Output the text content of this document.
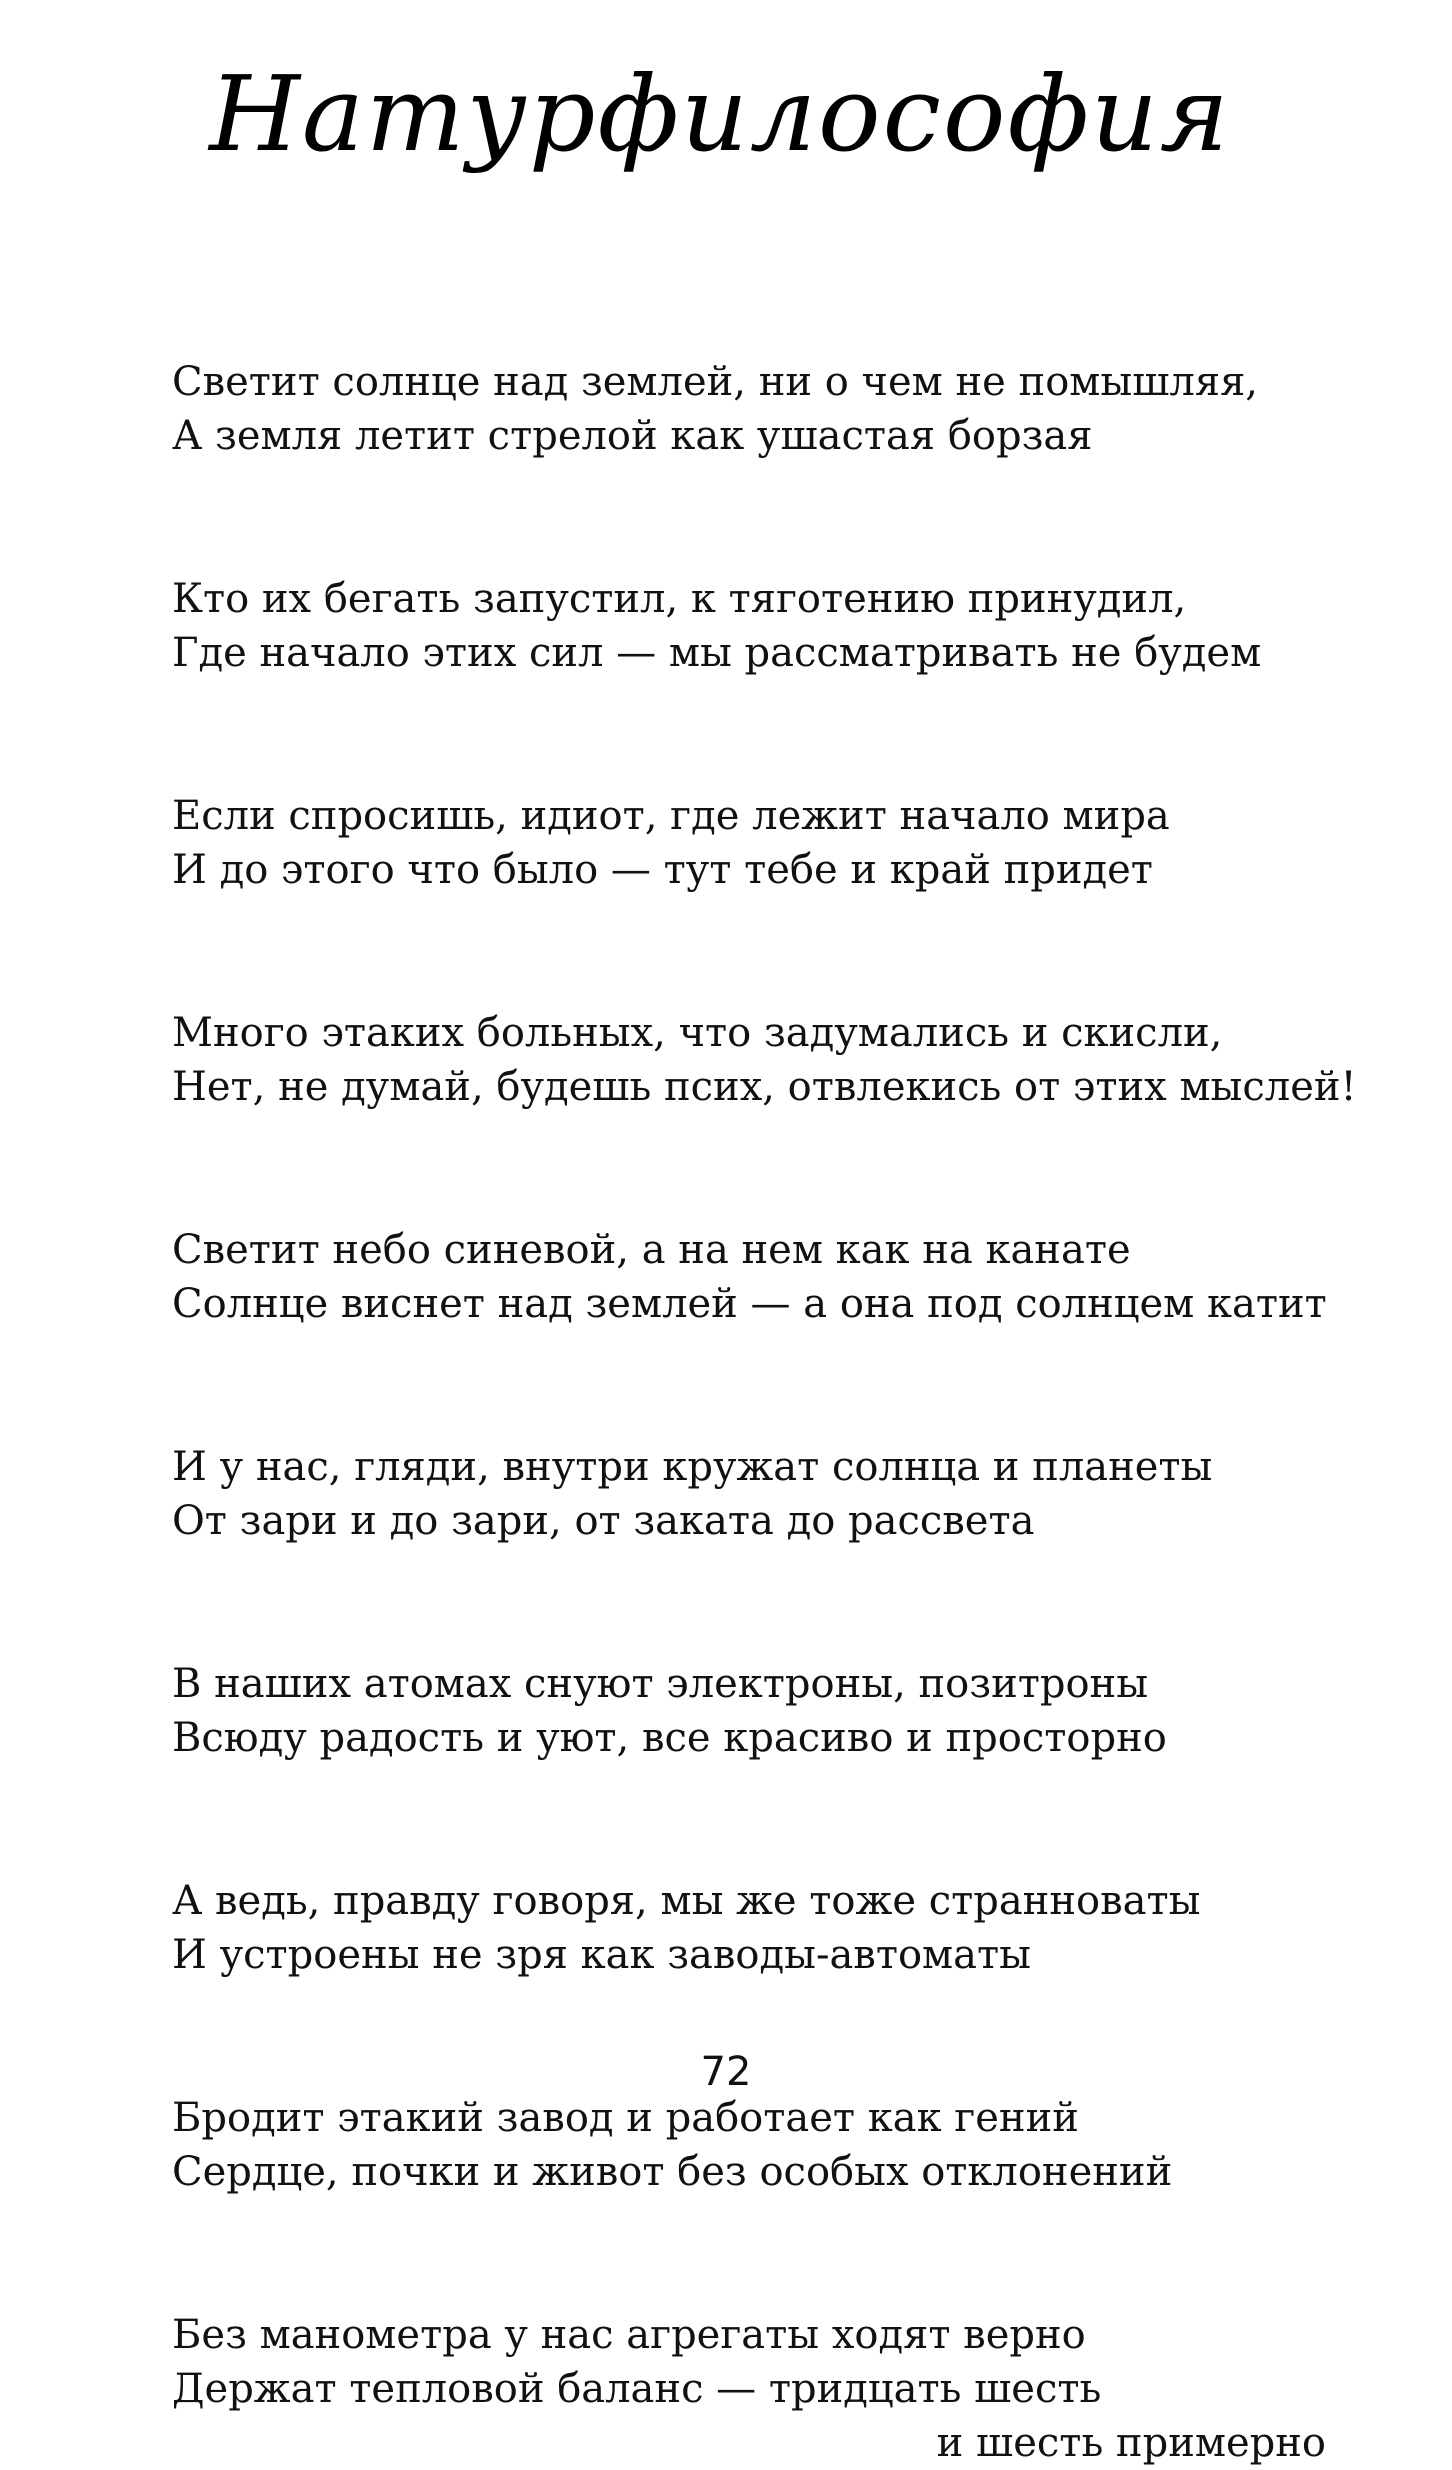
Натурфилософия
Светит солнце над землей, ни о чем не помышляя,
А земля летит стрелой как ушастая борзая
Кто их бегать запустил, к тяготению принудил,
Где начало этих сил — мы рассматривать не будем
Если спросишь, идиот, где лежит начало мира
И до этого что было — тут тебе и край придет
Много этаких больных, что задумались и скисли,
Нет, не думай, будешь псих, отвлекись от этих мыслей!
Светит небо синевой, а на нем как на канате
Солнце виснет над землей — а она под солнцем катит
И у нас, гляди, внутри кружат солнца и планеты
От зари и до зари, от заката до рассвета
В наших атомах снуют электроны, позитроны
Всюду радость и уют, все красиво и просторно
А ведь, правду говоря, мы же тоже странноваты
И устроены не зря как заводы-автоматы
Бродит этакий завод и работает как гений
Сердце, почки и живот без особых отклонений
Без манометра у нас агрегаты ходят верно
Держат тепловой баланс — тридцать шесть
и шесть примерно
72
